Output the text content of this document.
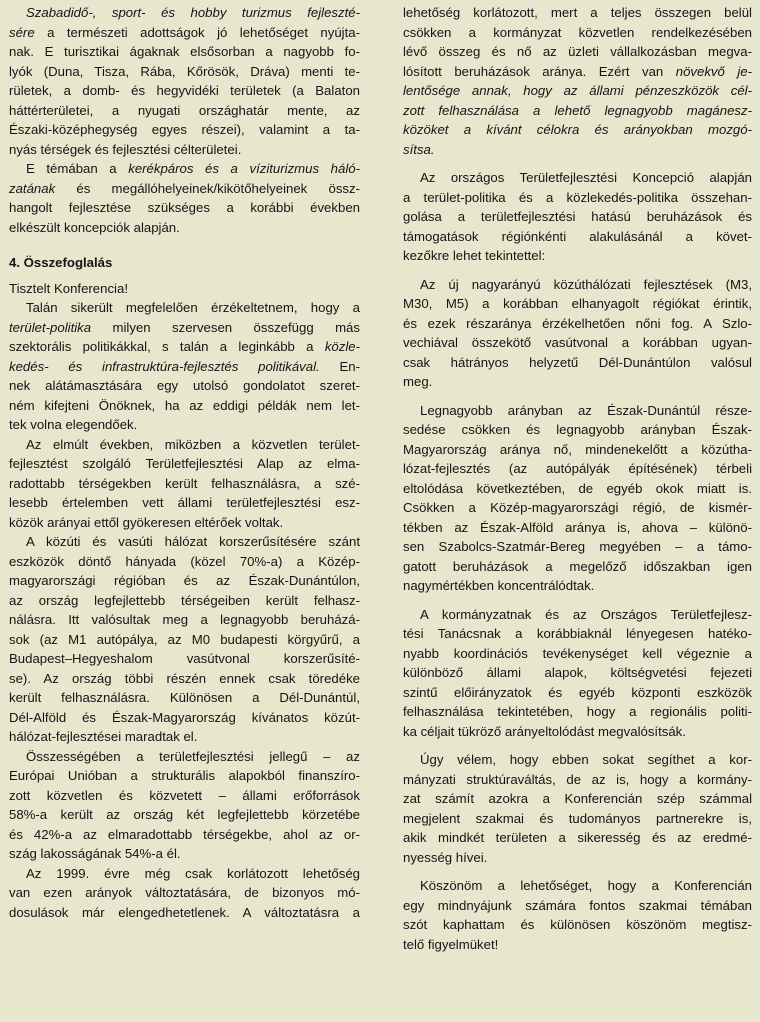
Szabadidő-, sport- és hobby turizmus fejleszté-
sére a természeti adottságok jó lehetőséget nyújta-
nak. E turisztikai ágaknak elsősorban a nagyobb fo-
lyók (Duna, Tisza, Rába, Kőrösök, Dráva) menti te-
rületek, a domb- és hegyvidéki területek (a Balaton
háttérterületei, a nyugati országhatár mente, az
Északi-középhegység egyes részei), valamint a ta-
nyás térségek és fejlesztési célterületei.
E témában a kerékpáros és a víziturizmus háló-
zatának és megállóhelyeinek/kikötőhelyeinek össz-
hangolt fejlesztése szükséges a korábbi években
elkészült koncepciók alapján.
4. Összefoglalás
Tisztelt Konferencia!
Talán sikerült megfelelően érzékeltetnem, hogy a
terület-politika milyen szervesen összefügg más
szektorális politikákkal, s talán a leginkább a közle-
kedés- és infrastruktúra-fejlesztés politikával. En-
nek alátámasztására egy utolsó gondolatot szeret-
ném kifejteni Önöknek, ha az eddigi példák nem let-
tek volna elegendőek.
Az elmúlt években, miközben a közvetlen terület-
fejlesztést szolgáló Területfejlesztési Alap az elma-
radottabb térségekben került felhasználásra, a szé-
lesebb értelemben vett állami területfejlesztési esz-
közök arányai ettől gyökeresen eltérőek voltak.
A közúti és vasúti hálózat korszerűsítésére szánt
eszközök döntő hányada (közel 70%-a) a Közép-
magyarországi régióban és az Észak-Dunántúlon,
az ország legfejlettebb térségeiben került felhasz-
nálásra. Itt valósultak meg a legnagyobb beruházá-
sok (az M1 autópálya, az M0 budapesti körgyűrű, a
Budapest–Hegyeshalom vasútvonal korszerűsíté-
se). Az ország többi részén ennek csak töredéke
került felhasználásra. Különösen a Dél-Dunántúl,
Dél-Alföld és Észak-Magyarország kívánatos közút-
hálózat-fejlesztései maradtak el.
Összességében a területfejlesztési jellegű – az
Európai Unióban a strukturális alapokból finanszíro-
zott közvetlen és közvetett – állami erőforrások
58%-a került az ország két legfejlettebb körzetébe
és 42%-a az elmaradottabb térségekbe, ahol az or-
szág lakosságának 54%-a él.
Az 1999. évre még csak korlátozott lehetőség
van ezen arányok változtatására, de bizonyos mó-
dosulások már elengedhetetlenek. A változtatásra a
lehetőség korlátozott, mert a teljes összegen belül
csökken a kormányzat közvetlen rendelkezésében
lévő összeg és nő az üzleti vállalkozásban megva-
lósított beruházások aránya. Ezért van növekvő je-
lentősége annak, hogy az állami pénzeszközök cél-
zott felhasználása a lehető legnagyobb magánesz-
közöket a kívánt célokra és arányokban mozgó-
sítsa.
Az országos Területfejlesztési Koncepció alapján
a terület-politika és a közlekedés-politika összehan-
golása a területfejlesztési hatású beruházások és
támogatások régiónkénti alakulásánál a követ-
kezőkre lehet tekintettel:
Az új nagyarányú közúthálózati fejlesztések (M3,
M30, M5) a korábban elhanyagolt régiókat érintik,
és ezek részaránya érzékelhetően nőni fog. A Szlo-
vechiával összekötő vasútvonal a korábban ugyan-
csak hátrányos helyzetű Dél-Dunántúlon valósul
meg.
Legnagyobb arányban az Észak-Dunántúl része-
sedése csökken és legnagyobb arányban Észak-
Magyarország aránya nő, mindenekelőtt a közútha-
lózat-fejlesztés (az autópályák építésének) térbeli
eltolódása következtében, de egyéb okok miatt is.
Csökken a Közép-magyarországi régió, de kismér-
tékben az Észak-Alföld aránya is, ahova – különö-
sen Szabolcs-Szatmár-Bereg megyében – a támo-
gatott beruházások a megelőző időszakban igen
nagymértékben koncentrálódtak.
A kormányzatnak és az Országos Területfejlesz-
tési Tanácsnak a korábbiaknál lényegesen hatéko-
nyabb koordinációs tevékenységet kell végeznie a
különböző állami alapok, költségvetési fejezeti
szintű előirányzatok és egyéb központi eszközök
felhasználása tekintetében, hogy a regionális politi-
ka céljait tükröző arányeltolódást megvalósítsák.
Úgy vélem, hogy ebben sokat segíthet a kor-
mányzati struktúraváltás, de az is, hogy a kormány-
zat számít azokra a Konferencián szép számmal
megjelent szakmai és tudományos partnerekre is,
akik mindkét területen a sikeresség és az eredmé-
nyesség hívei.
Köszönöm a lehetőséget, hogy a Konferencián
egy mindnyájunk számára fontos szakmai témában
szót kaphattam és különösen köszönöm megtisz-
telő figyelmüket!
